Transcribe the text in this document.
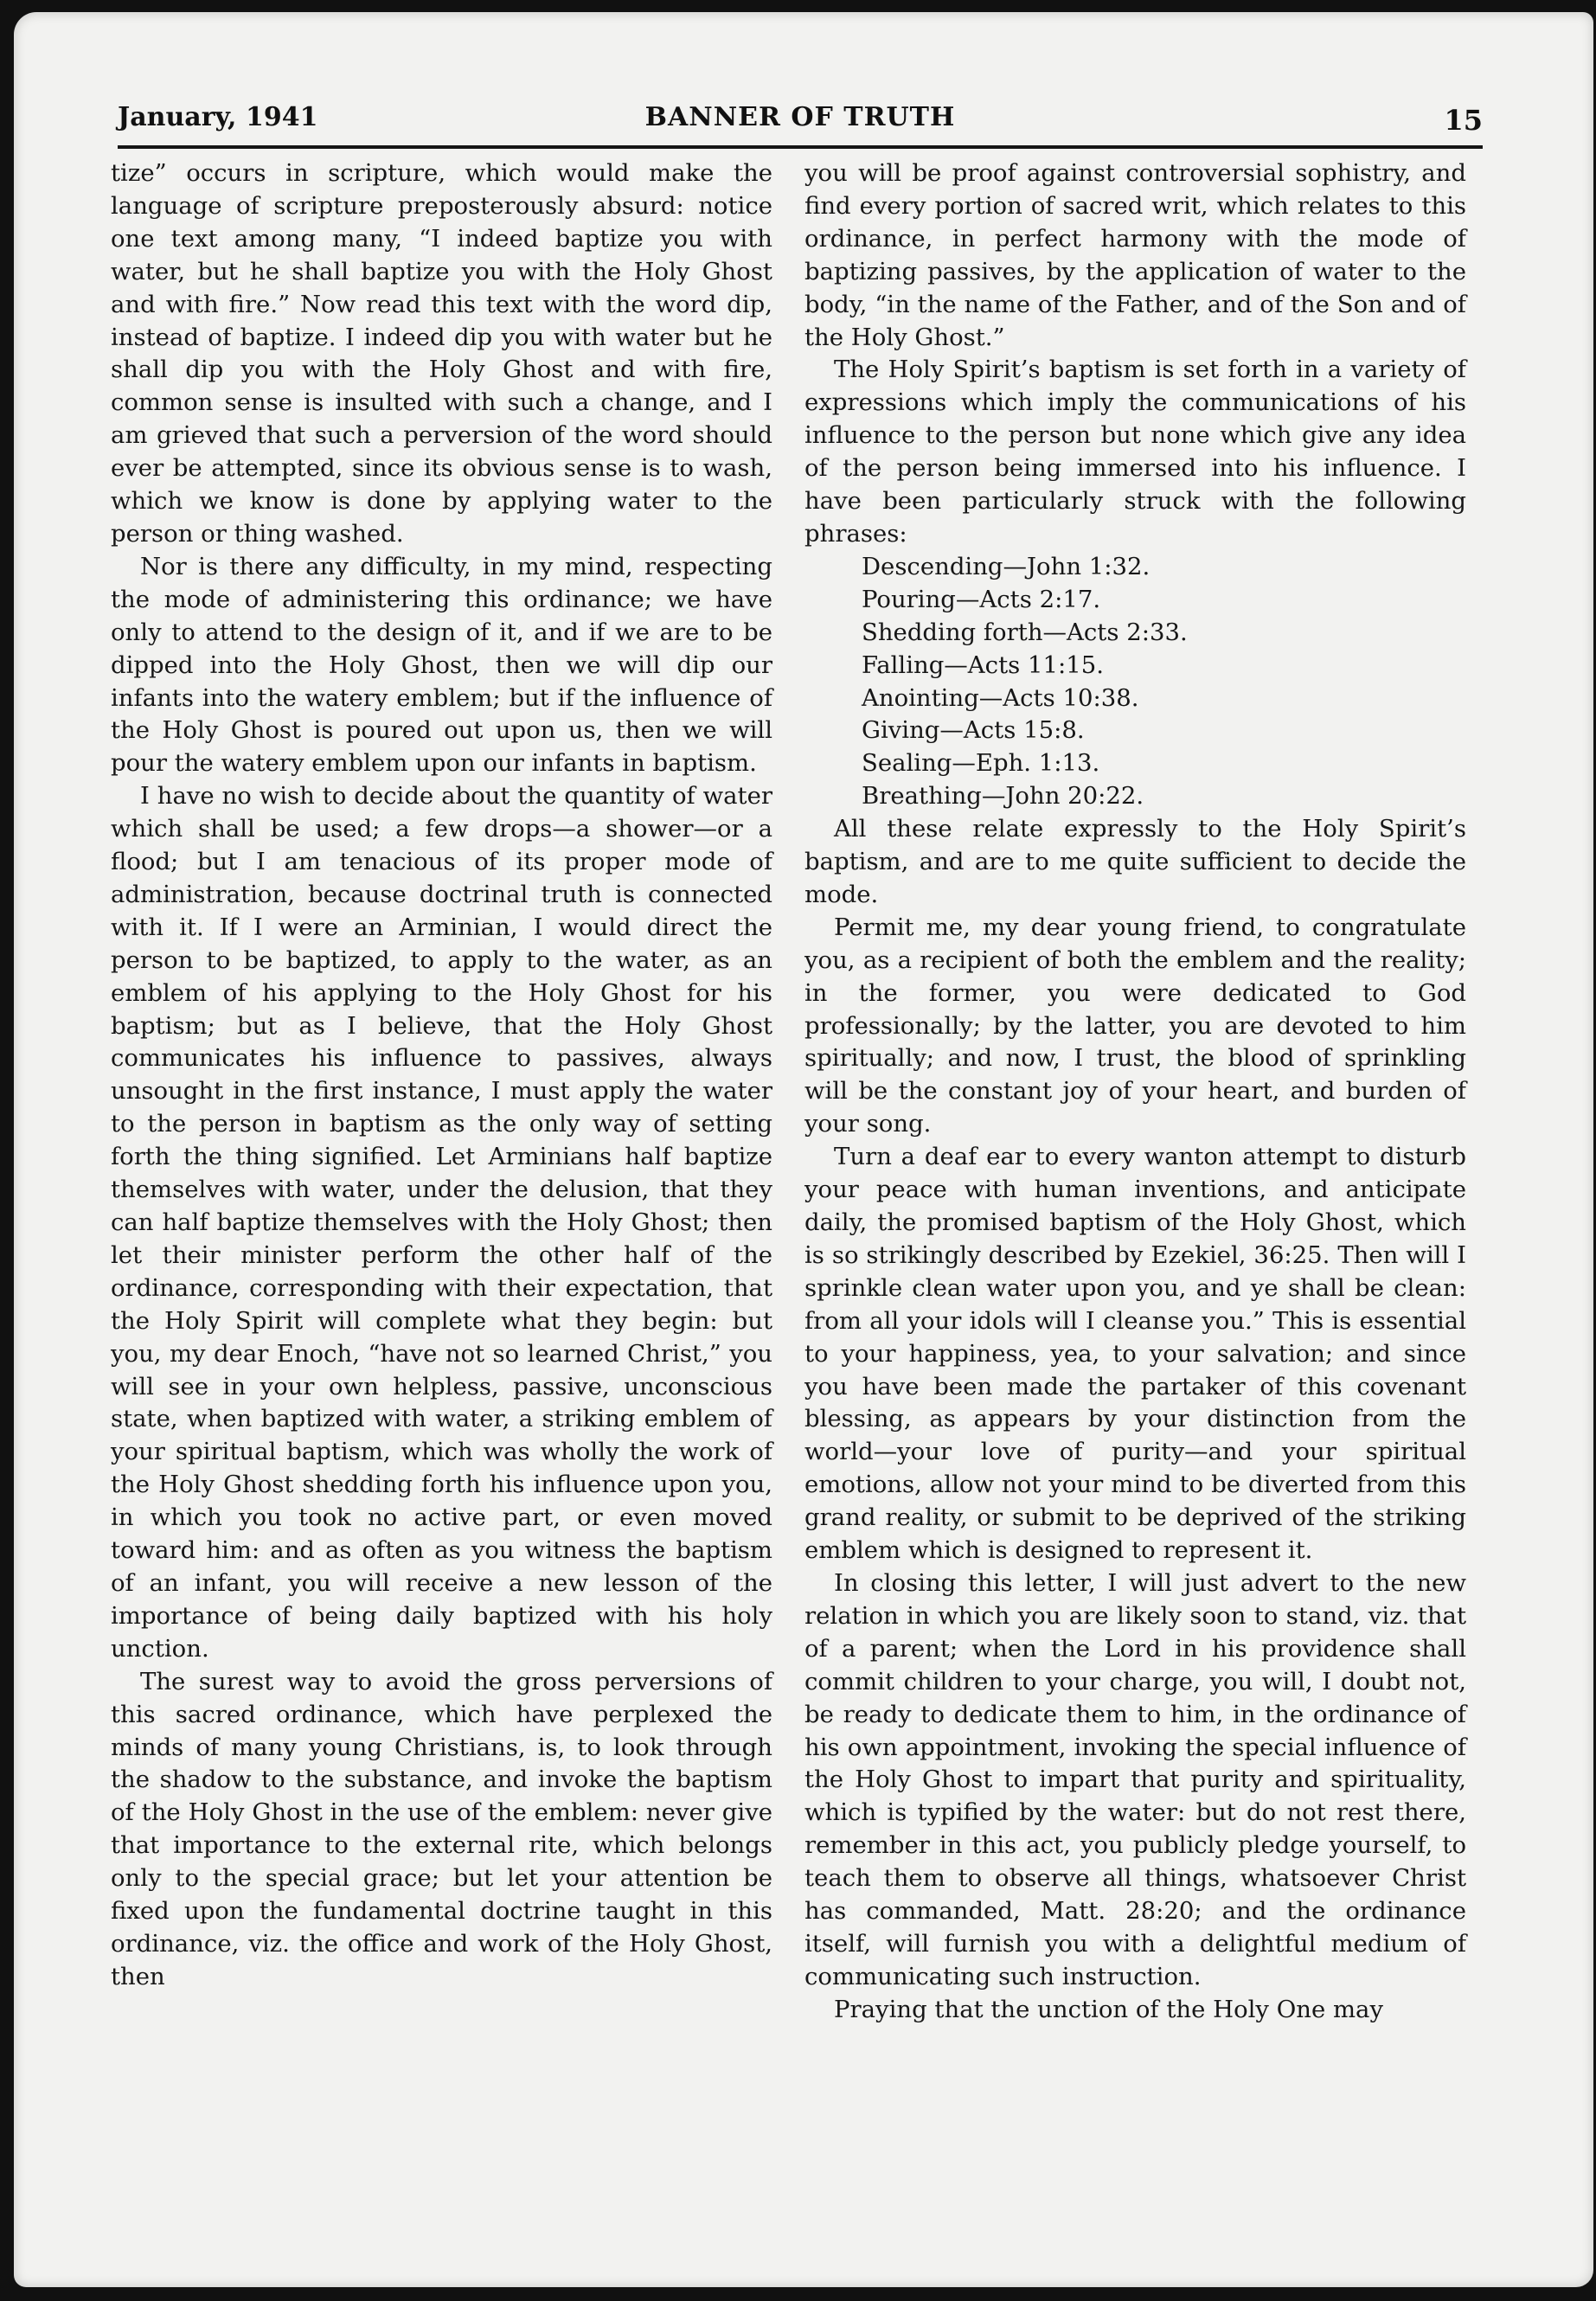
January, 1941	BANNER OF TRUTH	15

tize” occurs in scripture, which would make the language of scripture preposterously absurd: notice one text among many, “I indeed baptize you with water, but he shall baptize you with the Holy Ghost and with fire.” Now read this text with the word dip, instead of baptize. I indeed dip you with water but he shall dip you with the Holy Ghost and with fire, common sense is insulted with such a change, and I am grieved that such a perversion of the word should ever be attempted, since its obvious sense is to wash, which we know is done by applying water to the person or thing washed.

Nor is there any difficulty, in my mind, respecting the mode of administering this ordinance; we have only to attend to the design of it, and if we are to be dipped into the Holy Ghost, then we will dip our infants into the watery emblem; but if the influence of the Holy Ghost is poured out upon us, then we will pour the watery emblem upon our infants in baptism.

I have no wish to decide about the quantity of water which shall be used; a few drops—a shower—or a flood; but I am tenacious of its proper mode of administration, because doctrinal truth is connected with it. If I were an Arminian, I would direct the person to be baptized, to apply to the water, as an emblem of his applying to the Holy Ghost for his baptism; but as I believe, that the Holy Ghost communicates his influence to passives, always unsought in the first instance, I must apply the water to the person in baptism as the only way of setting forth the thing signified. Let Arminians half baptize themselves with water, under the delusion, that they can half baptize themselves with the Holy Ghost; then let their minister perform the other half of the ordinance, corresponding with their expectation, that the Holy Spirit will complete what they begin: but you, my dear Enoch, “have not so learned Christ,” you will see in your own helpless, passive, unconscious state, when baptized with water, a striking emblem of your spiritual baptism, which was wholly the work of the Holy Ghost shedding forth his influence upon you, in which you took no active part, or even moved toward him: and as often as you witness the baptism of an infant, you will receive a new lesson of the importance of being daily baptized with his holy unction.

The surest way to avoid the gross perversions of this sacred ordinance, which have perplexed the minds of many young Christians, is, to look through the shadow to the substance, and invoke the baptism of the Holy Ghost in the use of the emblem: never give that importance to the external rite, which belongs only to the special grace; but let your attention be fixed upon the fundamental doctrine taught in this ordinance, viz. the office and work of the Holy Ghost, then

you will be proof against controversial sophistry, and find every portion of sacred writ, which relates to this ordinance, in perfect harmony with the mode of baptizing passives, by the application of water to the body, “in the name of the Father, and of the Son and of the Holy Ghost.”

The Holy Spirit’s baptism is set forth in a variety of expressions which imply the communications of his influence to the person but none which give any idea of the person being immersed into his influence. I have been particularly struck with the following phrases:

Descending—John 1:32.
Pouring—Acts 2:17.
Shedding forth—Acts 2:33.
Falling—Acts 11:15.
Anointing—Acts 10:38.
Giving—Acts 15:8.
Sealing—Eph. 1:13.
Breathing—John 20:22.

All these relate expressly to the Holy Spirit’s baptism, and are to me quite sufficient to decide the mode.

Permit me, my dear young friend, to congratulate you, as a recipient of both the emblem and the reality; in the former, you were dedicated to God professionally; by the latter, you are devoted to him spiritually; and now, I trust, the blood of sprinkling will be the constant joy of your heart, and burden of your song.

Turn a deaf ear to every wanton attempt to disturb your peace with human inventions, and anticipate daily, the promised baptism of the Holy Ghost, which is so strikingly described by Ezekiel, 36:25. Then will I sprinkle clean water upon you, and ye shall be clean: from all your idols will I cleanse you.” This is essential to your happiness, yea, to your salvation; and since you have been made the partaker of this covenant blessing, as appears by your distinction from the world—your love of purity—and your spiritual emotions, allow not your mind to be diverted from this grand reality, or submit to be deprived of the striking emblem which is designed to represent it.

In closing this letter, I will just advert to the new relation in which you are likely soon to stand, viz. that of a parent; when the Lord in his providence shall commit children to your charge, you will, I doubt not, be ready to dedicate them to him, in the ordinance of his own appointment, invoking the special influence of the Holy Ghost to impart that purity and spirituality, which is typified by the water: but do not rest there, remember in this act, you publicly pledge yourself, to teach them to observe all things, whatsoever Christ has commanded, Matt. 28:20; and the ordinance itself, will furnish you with a delightful medium of communicating such instruction.

Praying that the unction of the Holy One may
